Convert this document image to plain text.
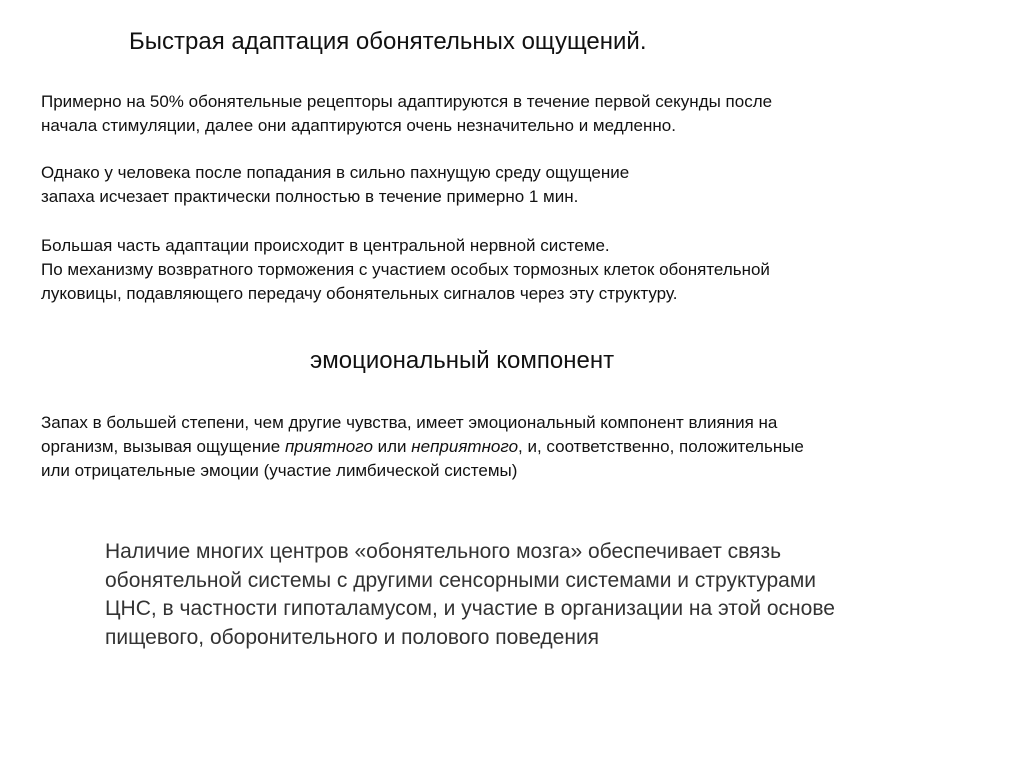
Быстрая адаптация обонятельных ощущений.

Примерно на 50% обонятельные рецепторы адаптируются в течение первой секунды после
начала стимуляции, далее они адаптируются очень незначительно и медленно.

Однако у человека после попадания в сильно пахнущую среду ощущение
запаха исчезает практически полностью в течение примерно 1 мин.

Большая часть адаптации происходит в центральной нервной системе.
По механизму возвратного торможения с участием особых тормозных клеток обонятельной
луковицы, подавляющего передачу обонятельных сигналов через эту структуру.

эмоциональный компонент

Запах в большей степени, чем другие чувства, имеет эмоциональный компонент влияния на
организм, вызывая ощущение приятного или неприятного, и, соответственно, положительные
или отрицательные эмоции (участие лимбической системы)

Наличие многих центров «обонятельного мозга» обеспечивает связь
обонятельной системы с другими сенсорными системами и структурами
ЦНС, в частности гипоталамусом, и участие в организации на этой основе
пищевого, оборонительного и полового поведения
